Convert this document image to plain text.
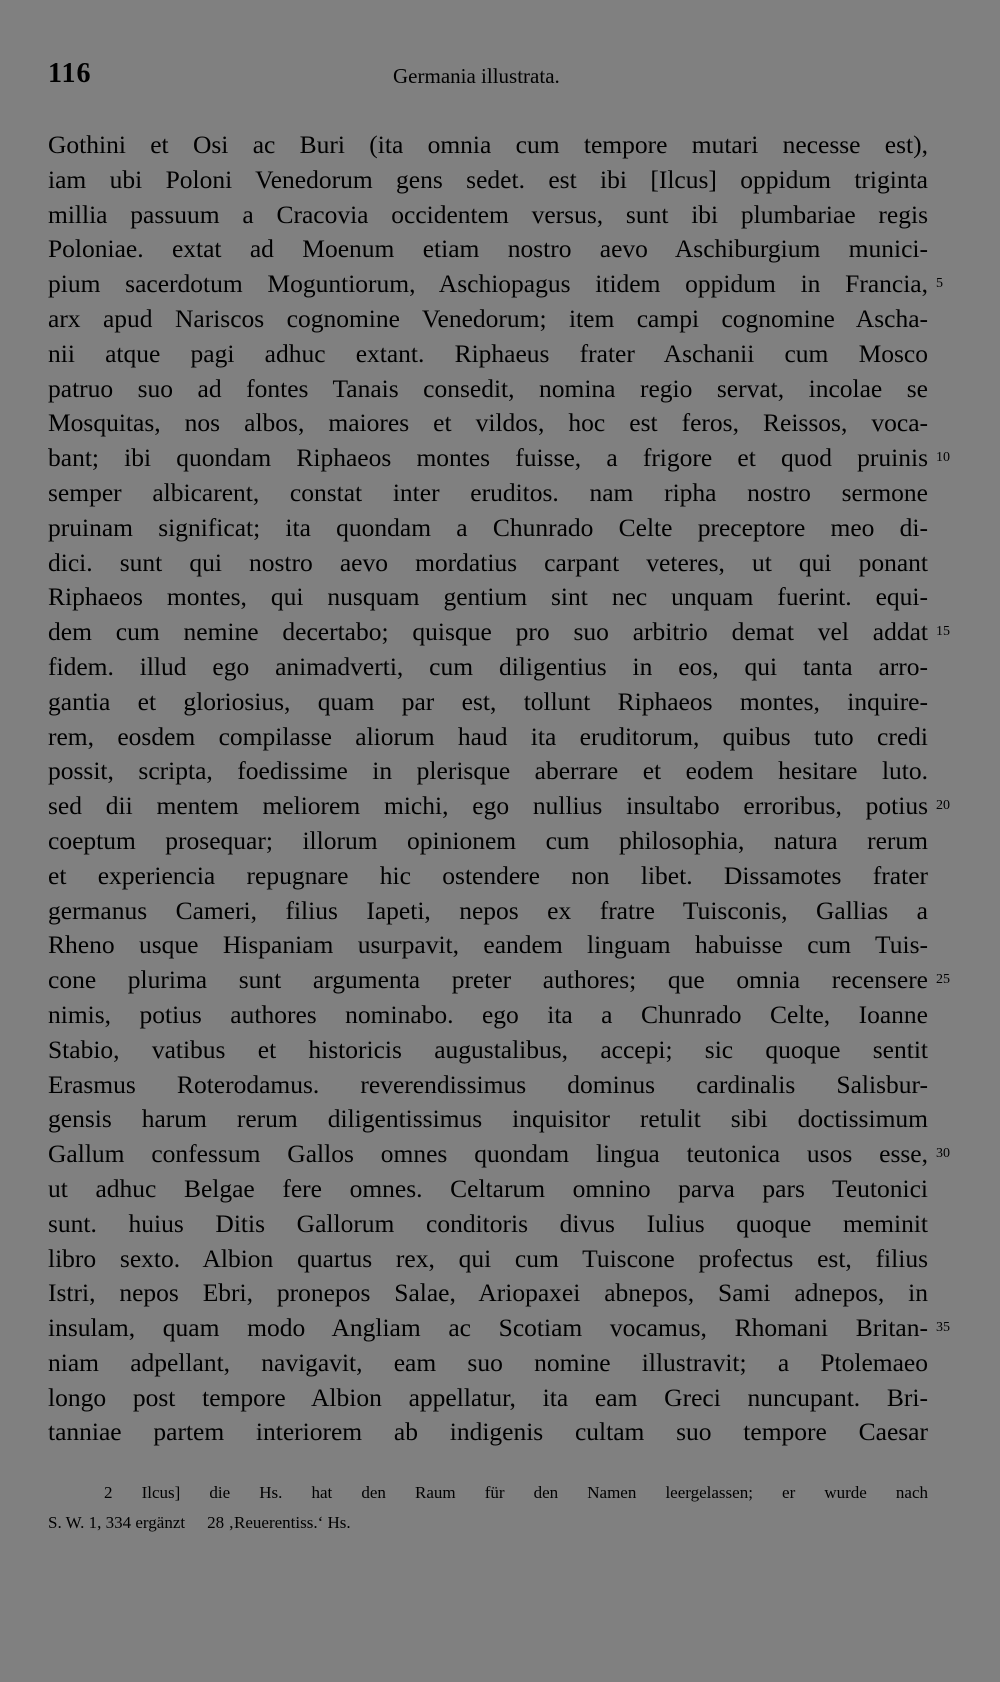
116	Germania illustrata.
Gothini et Osi ac Buri (ita omnia cum tempore mutari necesse est),
iam ubi Poloni Venedorum gens sedet. est ibi [Ilcus] oppidum triginta
millia passuum a Cracovia occidentem versus, sunt ibi plumbariae regis
Poloniae. extat ad Moenum etiam nostro aevo Aschiburgium munici-
pium sacerdotum Moguntiorum, Aschiopagus itidem oppidum in Francia, 5
arx apud Nariscos cognomine Venedorum; item campi cognomine Ascha-
nii atque pagi adhuc extant. Riphaeus frater Aschanii cum Mosco
patruo suo ad fontes Tanais consedit, nomina regio servat, incolae se
Mosquitas, nos albos, maiores et vildos, hoc est feros, Reissos, voca-
bant; ibi quondam Riphaeos montes fuisse, a frigore et quod pruinis 10
semper albicarent, constat inter eruditos. nam ripha nostro sermone
pruinam significat; ita quondam a Chunrado Celte preceptore meo di-
dici. sunt qui nostro aevo mordatius carpant veteres, ut qui ponant
Riphaeos montes, qui nusquam gentium sint nec unquam fuerint. equi-
dem cum nemine decertabo; quisque pro suo arbitrio demat vel addat 15
fidem. illud ego animadverti, cum diligentius in eos, qui tanta arro-
gantia et gloriosius, quam par est, tollunt Riphaeos montes, inquire-
rem, eosdem compilasse aliorum haud ita eruditorum, quibus tuto credi
possit, scripta, foedissime in plerisque aberrare et eodem hesitare luto.
sed dii mentem meliorem michi, ego nullius insultabo erroribus, potius 20
coeptum prosequar; illorum opinionem cum philosophia, natura rerum
et experiencia repugnare hic ostendere non libet. Dissamotes frater
germanus Cameri, filius Iapeti, nepos ex fratre Tuisconis, Gallias a
Rheno usque Hispaniam usurpavit, eandem linguam habuisse cum Tuis-
cone plurima sunt argumenta preter authores; que omnia recensere 25
nimis, potius authores nominabo. ego ita a Chunrado Celte, Ioanne
Stabio, vatibus et historicis augustalibus, accepi; sic quoque sentit
Erasmus Roterodamus. reverendissimus dominus cardinalis Salisbur-
gensis harum rerum diligentissimus inquisitor retulit sibi doctissimum
Gallum confessum Gallos omnes quondam lingua teutonica usos esse, 30
ut adhuc Belgae fere omnes. Celtarum omnino parva pars Teutonici
sunt. huius Ditis Gallorum conditoris divus Iulius quoque meminit
libro sexto. Albion quartus rex, qui cum Tuiscone profectus est, filius
Istri, nepos Ebri, pronepos Salae, Ariopaxei abnepos, Sami adnepos, in
insulam, quam modo Angliam ac Scotiam vocamus, Rhomani Britan- 35
niam adpellant, navigavit, eam suo nomine illustravit; a Ptolemaeo
longo post tempore Albion appellatur, ita eam Greci nuncupant. Bri-
tanniae partem interiorem ab indigenis cultam suo tempore Caesar
2 Ilcus] die Hs. hat den Raum für den Namen leergelassen; er wurde nach
S. W. 1, 334 ergänzt 28 ‚Reuerentiss.‘ Hs.
